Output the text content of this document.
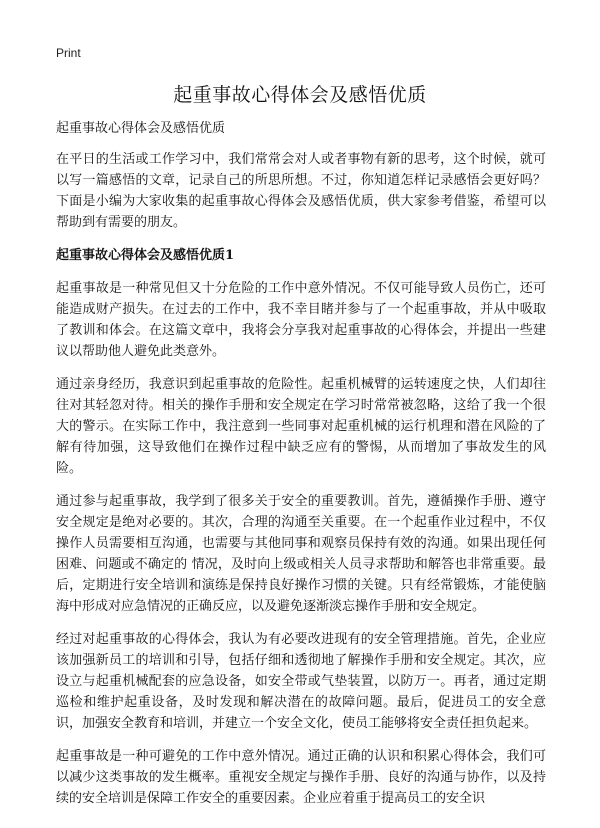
Print
起重事故心得体会及感悟优质

起重事故心得体会及感悟优质

在平日的生活或工作学习中，我们常常会对人或者事物有新的思考，这个时候，就可以写一篇感悟的文章，记录自己的所思所想。不过，你知道怎样记录感悟会更好吗？下面是小编为大家收集的起重事故心得体会及感悟优质，供大家参考借鉴，希望可以帮助到有需要的朋友。

起重事故心得体会及感悟优质1

起重事故是一种常见但又十分危险的工作中意外情况。不仅可能导致人员伤亡，还可能造成财产损失。在过去的工作中，我不幸目睹并参与了一个起重事故，并从中吸取了教训和体会。在这篇文章中，我将会分享我对起重事故的心得体会，并提出一些建议以帮助他人避免此类意外。

通过亲身经历，我意识到起重事故的危险性。起重机械臂的运转速度之快，人们却往往对其轻忽对待。相关的操作手册和安全规定在学习时常常被忽略，这给了我一个很大的警示。在实际工作中，我注意到一些同事对起重机械的运行机理和潜在风险的了解有待加强，这导致他们在操作过程中缺乏应有的警惕，从而增加了事故发生的风险。

通过参与起重事故，我学到了很多关于安全的重要教训。首先，遵循操作手册、遵守安全规定是绝对必要的。其次，合理的沟通至关重要。在一个起重作业过程中，不仅操作人员需要相互沟通，也需要与其他同事和观察员保持有效的沟通。如果出现任何困难、问题或不确定的 情况，及时向上级或相关人员寻求帮助和解答也非常重要。最后，定期进行安全培训和演练是保持良好操作习惯的关键。只有经常锻炼，才能使脑海中形成对应急情况的正确反应，以及避免逐渐淡忘操作手册和安全规定。

经过对起重事故的心得体会，我认为有必要改进现有的安全管理措施。首先，企业应该加强新员工的培训和引导，包括仔细和透彻地了解操作手册和安全规定。其次，应设立与起重机械配套的应急设备，如安全带或气垫装置，以防万一。再者，通过定期巡检和维护起重设备，及时发现和解决潜在的故障问题。最后，促进员工的安全意识，加强安全教育和培训，并建立一个安全文化，使员工能够将安全责任担负起来。

起重事故是一种可避免的工作中意外情况。通过正确的认识和积累心得体会，我们可以减少这类事故的发生概率。重视安全规定与操作手册、良好的沟通与协作，以及持续的安全培训是保障工作安全的重要因素。企业应着重于提高员工的安全识
